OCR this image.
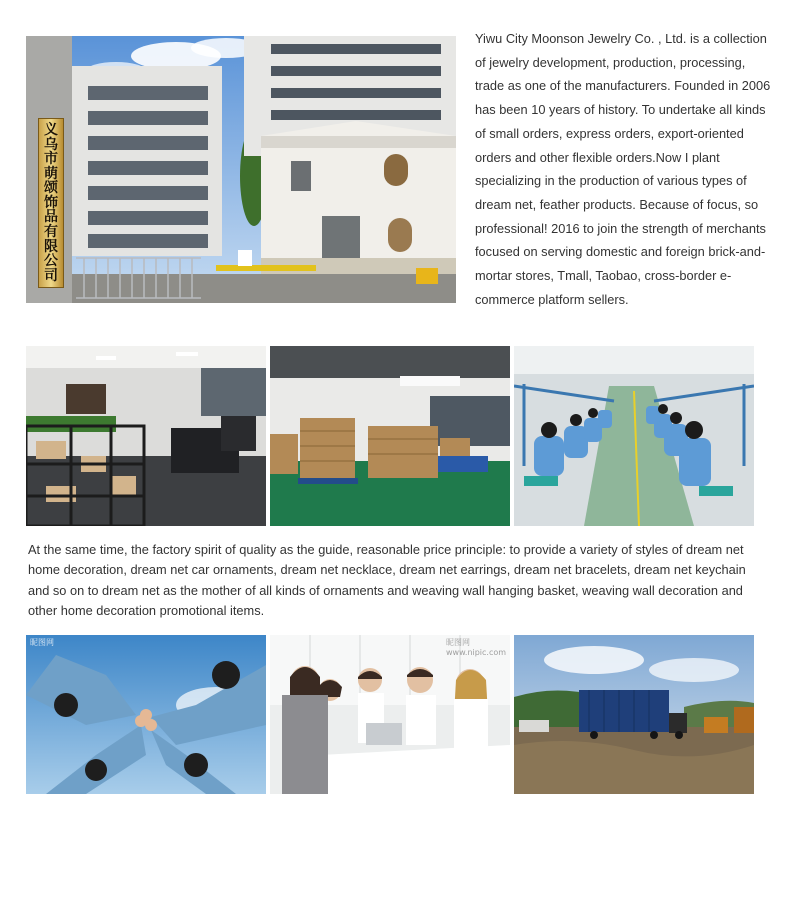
义
乌
市
萌
颂
饰
品
有
限
公
司

Yiwu City Moonson Jewelry Co. , Ltd. is a collection of jewelry development, production, processing, trade as one of the manufacturers. Founded in 2006 has been 10 years of history. To undertake all kinds of small orders, express orders, export-oriented orders and other flexible orders.Now I plant specializing in the production of various types of dream net, feather products. Because of focus, so professional! 2016 to join the strength of merchants focused on serving domestic and foreign brick-and-mortar stores, Tmall, Taobao, cross-border e-commerce platform sellers.

At the same time, the factory spirit of quality as the guide, reasonable price principle: to provide a variety of styles of dream net home decoration, dream net car ornaments, dream net necklace, dream net earrings, dream net bracelets, dream net keychain and so on to dream net as the mother of all kinds of ornaments and weaving wall hanging basket, weaving wall decoration and other home decoration promotional items.

昵图网	昵图网 www.nipic.com
